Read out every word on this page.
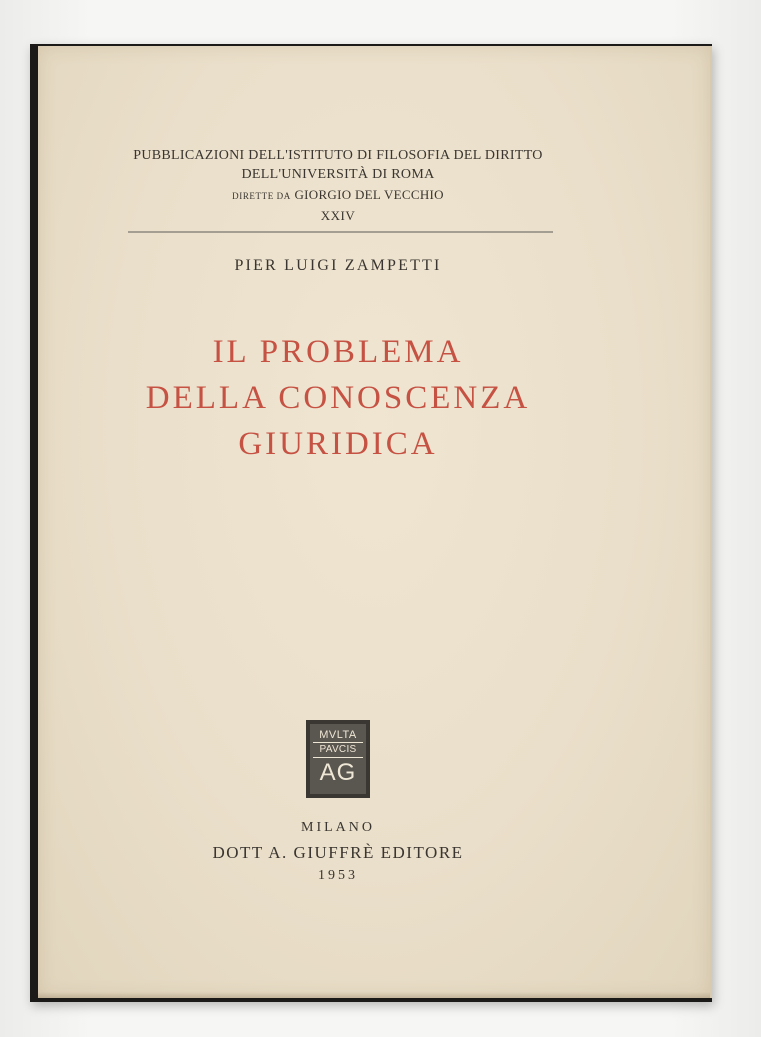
PUBBLICAZIONI DELL'ISTITUTO DI FILOSOFIA DEL DIRITTO
DELL'UNIVERSITÀ DI ROMA
DIRETTE DA GIORGIO DEL VECCHIO
XXIV
PIER LUIGI ZAMPETTI
IL PROBLEMA
DELLA CONOSCENZA
GIURIDICA
MVLTA
PAVCIS
AG
MILANO
DOTT A. GIUFFRÈ EDITORE
1953
